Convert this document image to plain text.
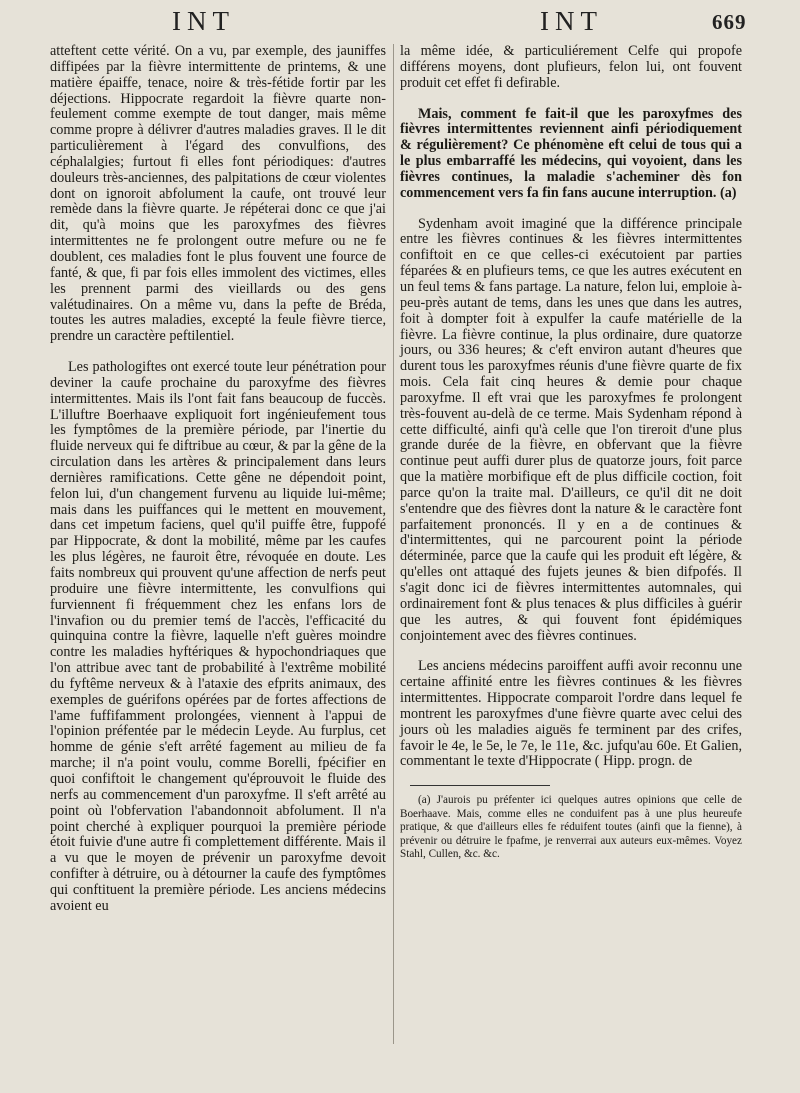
INT	INT	669

atteftent cette vérité. On a vu, par exemple, des jauniffes diffipées par la fièvre intermittente de printems, & une matière épaiffe, tenace, noire & très-fétide fortir par les déjections. Hippocrate regardoit la fièvre quarte non-feulement comme exempte de tout danger, mais même comme propre à délivrer d'autres maladies graves. Il le dit particulièrement à l'égard des convulfions, des céphalalgies; furtout fi elles font périodiques: d'autres douleurs très-anciennes, des palpitations de cœur violentes dont on ignoroit abfolument la caufe, ont trouvé leur remède dans la fièvre quarte. Je répéterai donc ce que j'ai dit, qu'à moins que les paroxyfmes des fièvres intermittentes ne fe prolongent outre mefure ou ne fe doublent, ces maladies font le plus fouvent une fource de fanté, & que, fi par fois elles immolent des victimes, elles les prennent parmi des vieillards ou des gens valétudinaires. On a même vu, dans la pefte de Bréda, toutes les autres maladies, excepté la feule fièvre tierce, prendre un caractère peftilentiel.

Les pathologiftes ont exercé toute leur pénétration pour deviner la caufe prochaine du paroxyfme des fièvres intermittentes. Mais ils l'ont fait fans beaucoup de fuccès. L'illuftre Boerhaave expliquoit fort ingénieufement tous les fymptômes de la première période, par l'inertie du fluide nerveux qui fe diftribue au cœur, & par la gêne de la circulation dans les artères & principalement dans leurs dernières ramifications. Cette gêne ne dépendoit point, felon lui, d'un changement furvenu au liquide lui-même; mais dans les puiffances qui le mettent en mouvement, dans cet impetum faciens, quel qu'il puiffe être, fuppofé par Hippocrate, & dont la mobilité, même par les caufes les plus légères, ne fauroit être, révoquée en doute. Les faits nombreux qui prouvent qu'une affection de nerfs peut produire une fièvre intermittente, les convulfions qui furviennent fi fréquemment chez les enfans lors de l'invafion ou du premier temś de l'accès, l'efficacité du quinquina contre la fièvre, laquelle n'eft guères moindre contre les maladies hyftériques & hypochondriaques que l'on attribue avec tant de probabilité à l'extrême mobilité du fyftême nerveux & à l'ataxie des efprits animaux, des exemples de guérifons opérées par de fortes affections de l'ame fuffifamment prolongées, viennent à l'appui de l'opinion préfentée par le médecin Leyde. Au furplus, cet homme de génie s'eft arrêté fagement au milieu de fa marche; il n'a point voulu, comme Borelli, fpécifier en quoi confiftoit le changement qu'éprouvoit le fluide des nerfs au commencement d'un paroxyfme. Il s'eft arrêté au point où l'obfervation l'abandonnoit abfolument. Il n'a point cherché à expliquer pourquoi la première période étoit fuivie d'une autre fi complettement différente. Mais il a vu que le moyen de prévenir un paroxyfme devoit confifter à détruire, ou à détourner la caufe des fymptômes qui conftituent la première période. Les anciens médecins avoient eu

la même idée, & particuliérement Celfe qui propofe différens moyens, dont plufieurs, felon lui, ont fouvent produit cet effet fi defirable.

Mais, comment fe fait-il que les paroxyfmes des fièvres intermittentes reviennent ainfi périodiquement & régulièrement? Ce phénomène eft celui de tous qui a le plus embarraffé les médecins, qui voyoient, dans les fièvres continues, la maladie s'acheminer dès fon commencement vers fa fin fans aucune interruption. (a)

Sydenham avoit imaginé que la différence principale entre les fièvres continues & les fièvres intermittentes confiftoit en ce que celles-ci exécutoient par parties féparées & en plufieurs tems, ce que les autres exécutent en un feul tems & fans partage. La nature, felon lui, emploie à-peu-près autant de tems, dans les unes que dans les autres, foit à dompter foit à expulfer la caufe matérielle de la fièvre. La fièvre continue, la plus ordinaire, dure quatorze jours, ou 336 heures; & c'eft environ autant d'heures que durent tous les paroxyfmes réunis d'une fièvre quarte de fix mois. Cela fait cinq heures & demie pour chaque paroxyfme. Il eft vrai que les paroxyfmes fe prolongent très-fouvent au-delà de ce terme. Mais Sydenham répond à cette difficulté, ainfi qu'à celle que l'on tireroit d'une plus grande durée de la fièvre, en obfervant que la fièvre continue peut auffi durer plus de quatorze jours, foit parce que la matière morbifique eft de plus difficile coction, foit parce qu'on la traite mal. D'ailleurs, ce qu'il dit ne doit s'entendre que des fièvres dont la nature & le caractère font parfaitement prononcés. Il y en a de continues & d'intermittentes, qui ne parcourent point la période déterminée, parce que la caufe qui les produit eft légère, & qu'elles ont attaqué des fujets jeunes & bien difpofés. Il s'agit donc ici de fièvres intermittentes automnales, qui ordinairement font & plus tenaces & plus difficiles à guérir que les autres, & qui fouvent font épidémiques conjointement avec des fièvres continues.

Les anciens médecins paroiffent auffi avoir reconnu une certaine affinité entre les fièvres continues & les fièvres intermittentes. Hippocrate comparoit l'ordre dans lequel fe montrent les paroxyfmes d'une fièvre quarte avec celui des jours où les maladies aiguës fe terminent par des crifes, favoir le 4e, le 5e, le 7e, le 11e, &c. jufqu'au 60e. Et Galien, commentant le texte d'Hippocrate ( Hipp. progn. de

(a) J'aurois pu préfenter ici quelques autres opinions que celle de Boerhaave. Mais, comme elles ne conduifent pas à une plus heureufe pratique, & que d'ailleurs elles fe réduifent toutes (ainfi que la fienne), à prévenir ou détruire le fpafme, je renverrai aux auteurs eux-mêmes. Voyez Stahl, Cullen, &c. &c.
